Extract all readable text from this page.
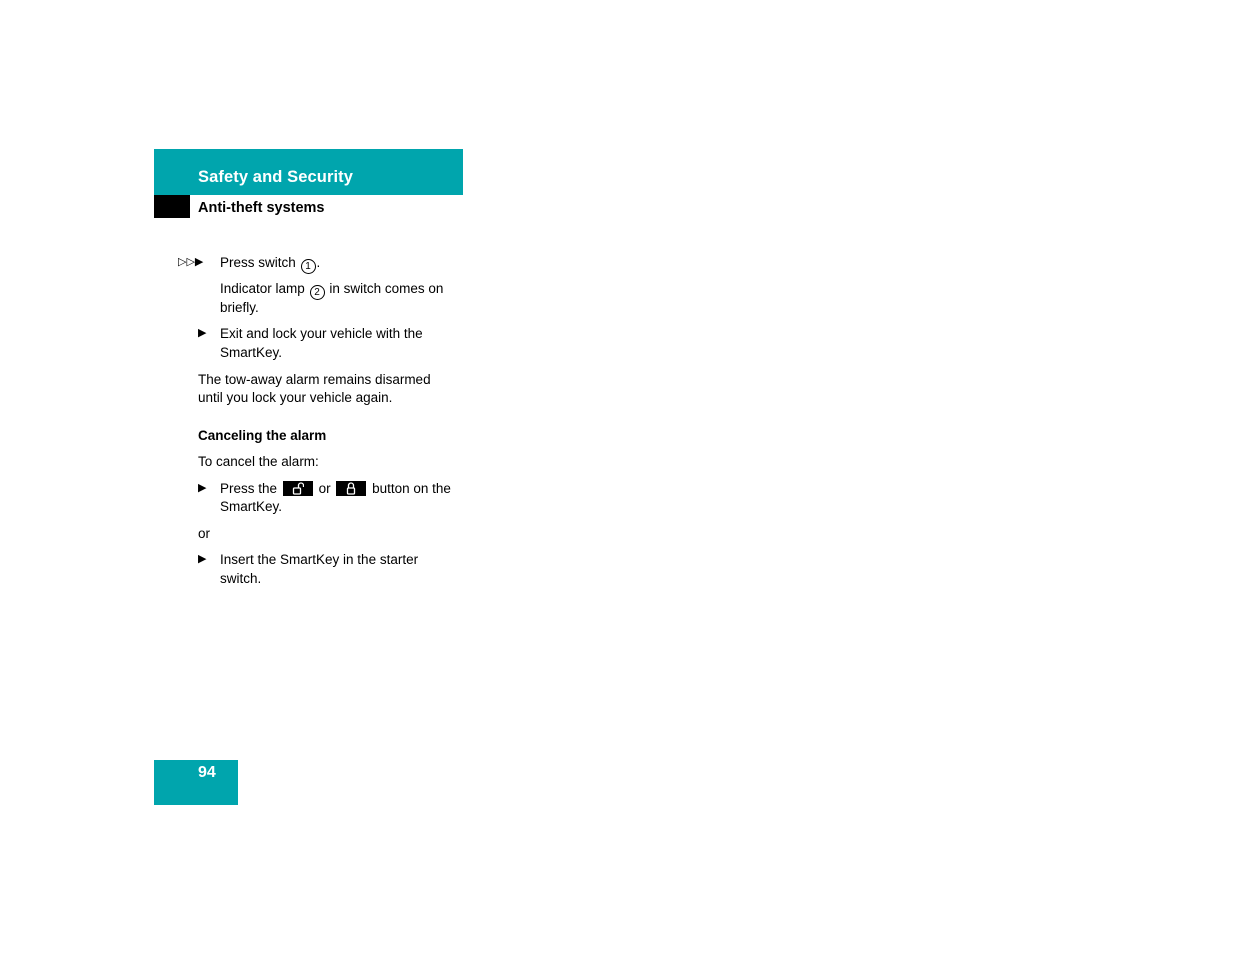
Safety and Security
Anti-theft systems
▷▷▶ Press switch 1 .
Indicator lamp 2 in switch comes on
briefly.
▶ Exit and lock your vehicle with the
SmartKey.
The tow-away alarm remains disarmed
until you lock your vehicle again.
Canceling the alarm
To cancel the alarm:
▶ Press the	or	button on the
SmartKey.
or
▶ Insert the SmartKey in the starter
switch.
94
